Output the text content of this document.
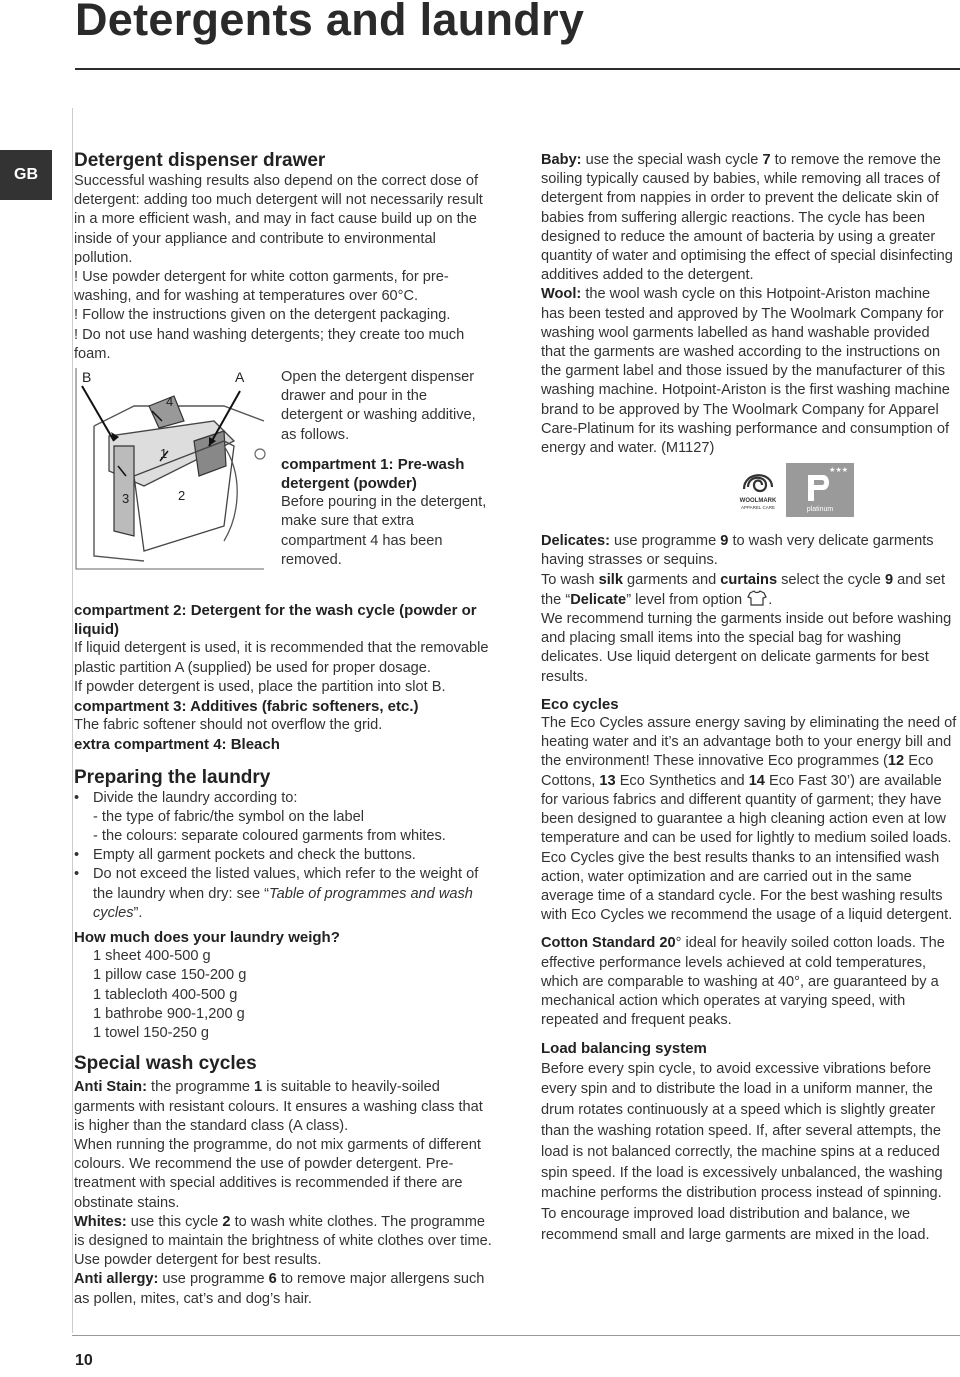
Detergents and laundry
GB

Detergent dispenser drawer

Successful washing results also depend on the correct dose of detergent: adding too much detergent will not necessarily result in a more efficient wash, and may in fact cause build up on the inside of your appliance and contribute to environmental pollution.

! Use powder detergent for white cotton garments, for pre-washing, and for washing at temperatures over 60°C.

! Follow the instructions given on the detergent packaging.

! Do not use hand washing detergents; they create too much foam.

B	A
4
1
2
3

Open the detergent dispenser drawer and pour in the detergent or washing additive, as follows.

compartment 1: Pre-wash detergent (powder)

Before pouring in the detergent, make sure that extra compartment 4 has been removed.

compartment 2: Detergent for the wash cycle (powder or liquid)

If liquid detergent is used, it is recommended that the removable plastic partition A (supplied) be used for proper dosage.

If powder detergent is used, place the partition into slot B.

compartment 3: Additives (fabric softeners, etc.)

The fabric softener should not overflow the grid.

extra compartment 4: Bleach

Preparing the laundry

• Divide the laundry according to:

- the type of fabric/the symbol on the label

- the colours: separate coloured garments from whites.

• Empty all garment pockets and check the buttons.
• Do not exceed the listed values, which refer to the weight of the laundry when dry: see “Table of programmes and wash cycles”.

How much does your laundry weigh?

1 sheet 400-500 g

1 pillow case 150-200 g

1 tablecloth 400-500 g

1 bathrobe 900-1,200 g

1 towel 150-250 g

Special wash cycles

Anti Stain: the programme 1 is suitable to heavily-soiled garments with resistant colours. It ensures a washing class that is higher than the standard class (A class).

When running the programme, do not mix garments of different colours. We recommend the use of powder detergent. Pre-treatment with special additives is recommended if there are obstinate stains.

Whites: use this cycle 2 to wash white clothes. The programme is designed to maintain the brightness of white clothes over time. Use powder detergent for best results.

Anti allergy: use programme 6 to remove major allergens such as pollen, mites, cat’s and dog’s hair.

Baby: use the special wash cycle 7 to remove the remove the soiling typically caused by babies, while removing all traces of detergent from nappies in order to prevent the delicate skin of babies from suffering allergic reactions. The cycle has been designed to reduce the amount of bacteria by using a greater quantity of water and optimising the effect of special disinfecting additives added to the detergent.

Wool: the wool wash cycle on this Hotpoint-Ariston machine has been tested and approved by The Woolmark Company for washing wool garments labelled as hand washable provided that the garments are washed according to the instructions on the garment label and those issued by the manufacturer of this washing machine. Hotpoint-Ariston is the first washing machine brand to be approved by The Woolmark Company for Apparel Care-Platinum for its washing performance and consumption of energy and water. (M1127)

WOOLMARK
APPAREL CARE
★★★
platinum

Delicates: use programme 9 to wash very delicate garments having strasses or sequins.

To wash silk garments and curtains select the cycle 9 and set the “Delicate” level from option .

We recommend turning the garments inside out before washing and placing small items into the special bag for washing delicates. Use liquid detergent on delicate garments for best results.

Eco cycles

The Eco Cycles assure energy saving by eliminating the need of heating water and it’s an advantage both to your energy bill and the environment! These innovative Eco programmes (12 Eco Cottons, 13 Eco Synthetics and 14 Eco Fast 30’) are available for various fabrics and different quantity of garment; they have been designed to guarantee a high cleaning action even at low temperature and can be used for lightly to medium soiled loads. Eco Cycles give the best results thanks to an intensified wash action, water optimization and are carried out in the same average time of a standard cycle. For the best washing results with Eco Cycles we recommend the usage of a liquid detergent.

Cotton Standard 20° ideal for heavily soiled cotton loads. The effective performance levels achieved at cold temperatures, which are comparable to washing at 40°, are guaranteed by a mechanical action which operates at varying speed, with repeated and frequent peaks.

Load balancing system

Before every spin cycle, to avoid excessive vibrations before every spin and to distribute the load in a uniform manner, the drum rotates continuously at a speed which is slightly greater than the washing rotation speed. If, after several attempts, the load is not balanced correctly, the machine spins at a reduced spin speed. If the load is excessively unbalanced, the washing machine performs the distribution process instead of spinning. To encourage improved load distribution and balance, we recommend small and large garments are mixed in the load.

10
